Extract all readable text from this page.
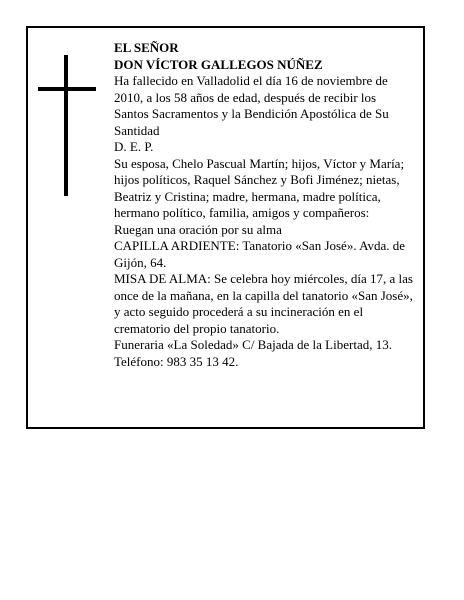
EL SEÑOR

DON VÍCTOR GALLEGOS NÚÑEZ

Ha fallecido en Valladolid el día 16 de noviembre de 2010, a los 58 años de edad, después de recibir los Santos Sacramentos y la Bendición Apostólica de Su Santidad

D. E. P.

Su esposa, Chelo Pascual Martín; hijos, Víctor y María; hijos políticos, Raquel Sánchez y Bofi Jiménez; nietas, Beatriz y Cristina; madre, hermana, madre política, hermano político, familia, amigos y compañeros:

Ruegan una oración por su alma

CAPILLA ARDIENTE: Tanatorio «San José». Avda. de Gijón, 64.

MISA DE ALMA: Se celebra hoy miércoles, día 17, a las once de la mañana, en la capilla del tanatorio «San José», y acto seguido procederá a su incineración en el crematorio del propio tanatorio.

Funeraria «La Soledad» C/ Bajada de la Libertad, 13.

Teléfono: 983 35 13 42.
